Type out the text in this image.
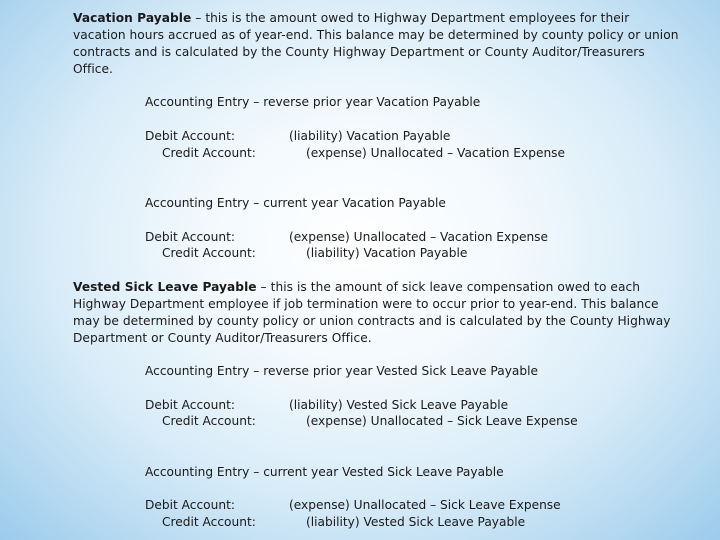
Vacation Payable – this is the amount owed to Highway Department employees for their vacation hours accrued as of year-end. This balance may be determined by county policy or union contracts and is calculated by the County Highway Department or County Auditor/Treasurers Office.
Accounting Entry – reverse prior year Vacation Payable
Debit Account:	(liability) Vacation Payable
Credit Account:	(expense) Unallocated – Vacation Expense
Accounting Entry – current year Vacation Payable
Debit Account:	(expense) Unallocated – Vacation Expense
Credit Account:	(liability) Vacation Payable
Vested Sick Leave Payable – this is the amount of sick leave compensation owed to each Highway Department employee if job termination were to occur prior to year-end. This balance may be determined by county policy or union contracts and is calculated by the County Highway Department or County Auditor/Treasurers Office.
Accounting Entry – reverse prior year Vested Sick Leave Payable
Debit Account:	(liability) Vested Sick Leave Payable
Credit Account:	(expense) Unallocated – Sick Leave Expense
Accounting Entry – current year Vested Sick Leave Payable
Debit Account:	(expense) Unallocated – Sick Leave Expense
Credit Account:	(liability) Vested Sick Leave Payable
